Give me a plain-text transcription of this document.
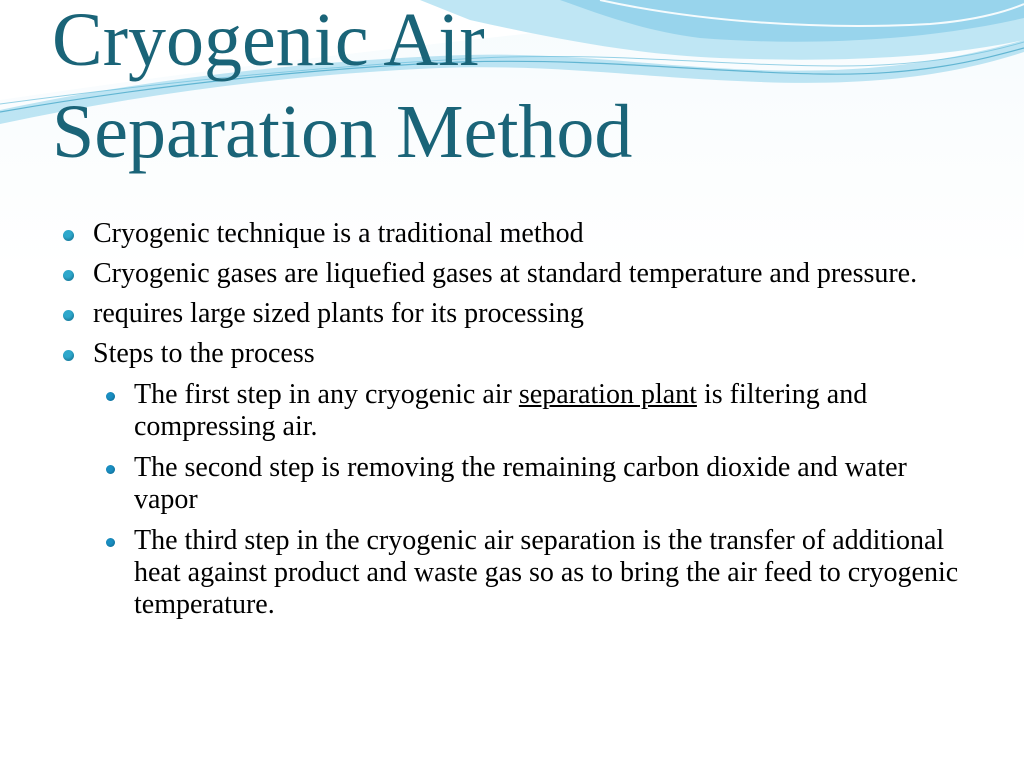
Cryogenic Air
Separation Method
Cryogenic technique is a traditional method
Cryogenic gases are liquefied gases at standard temperature and pressure.
requires large sized plants for its processing
Steps to the process
The first step in any cryogenic air separation plant is filtering and compressing air.
The second step is removing the remaining carbon dioxide and water vapor
The third step in the cryogenic air separation is the transfer of additional heat against product and waste gas so as to bring the air feed to cryogenic temperature.
